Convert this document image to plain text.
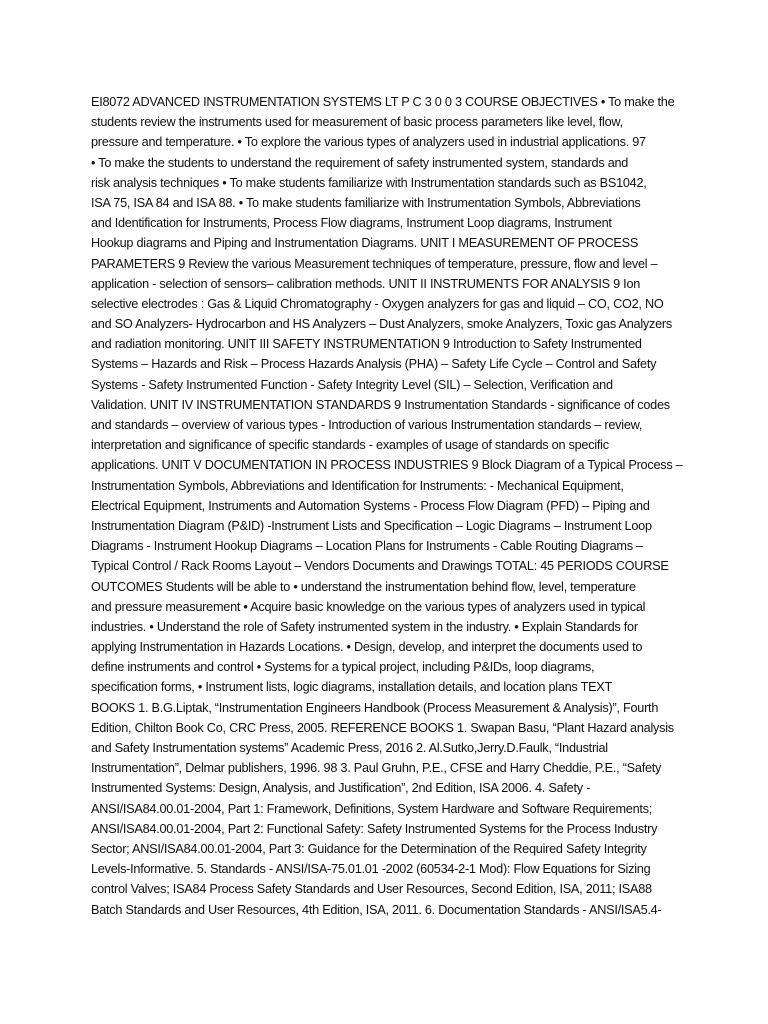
EI8072 ADVANCED INSTRUMENTATION SYSTEMS LT P C 3 0 0 3 COURSE OBJECTIVES • To make the
students review the instruments used for measurement of basic process parameters like level, flow,
pressure and temperature. • To explore the various types of analyzers used in industrial applications. 97
• To make the students to understand the requirement of safety instrumented system, standards and
risk analysis techniques • To make students familiarize with Instrumentation standards such as BS1042,
ISA 75, ISA 84 and ISA 88. • To make students familiarize with Instrumentation Symbols, Abbreviations
and Identification for Instruments, Process Flow diagrams, Instrument Loop diagrams, Instrument
Hookup diagrams and Piping and Instrumentation Diagrams. UNIT I MEASUREMENT OF PROCESS
PARAMETERS 9 Review the various Measurement techniques of temperature, pressure, flow and level –
application - selection of sensors– calibration methods. UNIT II INSTRUMENTS FOR ANALYSIS 9 Ion
selective electrodes : Gas & Liquid Chromatography - Oxygen analyzers for gas and liquid – CO, CO2, NO
and SO Analyzers- Hydrocarbon and HS Analyzers – Dust Analyzers, smoke Analyzers, Toxic gas Analyzers
and radiation monitoring. UNIT III SAFETY INSTRUMENTATION 9 Introduction to Safety Instrumented
Systems – Hazards and Risk – Process Hazards Analysis (PHA) – Safety Life Cycle – Control and Safety
Systems - Safety Instrumented Function - Safety Integrity Level (SIL) – Selection, Verification and
Validation. UNIT IV INSTRUMENTATION STANDARDS 9 Instrumentation Standards - significance of codes
and standards – overview of various types - Introduction of various Instrumentation standards – review,
interpretation and significance of specific standards - examples of usage of standards on specific
applications. UNIT V DOCUMENTATION IN PROCESS INDUSTRIES 9 Block Diagram of a Typical Process –
Instrumentation Symbols, Abbreviations and Identification for Instruments: - Mechanical Equipment,
Electrical Equipment, Instruments and Automation Systems - Process Flow Diagram (PFD) – Piping and
Instrumentation Diagram (P&ID) -Instrument Lists and Specification – Logic Diagrams – Instrument Loop
Diagrams - Instrument Hookup Diagrams – Location Plans for Instruments - Cable Routing Diagrams –
Typical Control / Rack Rooms Layout – Vendors Documents and Drawings TOTAL: 45 PERIODS COURSE
OUTCOMES Students will be able to • understand the instrumentation behind flow, level, temperature
and pressure measurement • Acquire basic knowledge on the various types of analyzers used in typical
industries. • Understand the role of Safety instrumented system in the industry. • Explain Standards for
applying Instrumentation in Hazards Locations. • Design, develop, and interpret the documents used to
define instruments and control • Systems for a typical project, including P&IDs, loop diagrams,
specification forms, • Instrument lists, logic diagrams, installation details, and location plans TEXT
BOOKS 1. B.G.Liptak, “Instrumentation Engineers Handbook (Process Measurement & Analysis)”, Fourth
Edition, Chilton Book Co, CRC Press, 2005. REFERENCE BOOKS 1. Swapan Basu, “Plant Hazard analysis
and Safety Instrumentation systems” Academic Press, 2016 2. Al.Sutko,Jerry.D.Faulk, “Industrial
Instrumentation”, Delmar publishers, 1996. 98 3. Paul Gruhn, P.E., CFSE and Harry Cheddie, P.E., “Safety
Instrumented Systems: Design, Analysis, and Justification”, 2nd Edition, ISA 2006. 4. Safety -
ANSI/ISA84.00.01-2004, Part 1: Framework, Definitions, System Hardware and Software Requirements;
ANSI/ISA84.00.01-2004, Part 2: Functional Safety: Safety Instrumented Systems for the Process Industry
Sector; ANSI/ISA84.00.01-2004, Part 3: Guidance for the Determination of the Required Safety Integrity
Levels-Informative. 5. Standards - ANSI/ISA-75.01.01 -2002 (60534-2-1 Mod): Flow Equations for Sizing
control Valves; ISA84 Process Safety Standards and User Resources, Second Edition, ISA, 2011; ISA88
Batch Standards and User Resources, 4th Edition, ISA, 2011. 6. Documentation Standards - ANSI/ISA5.4-
